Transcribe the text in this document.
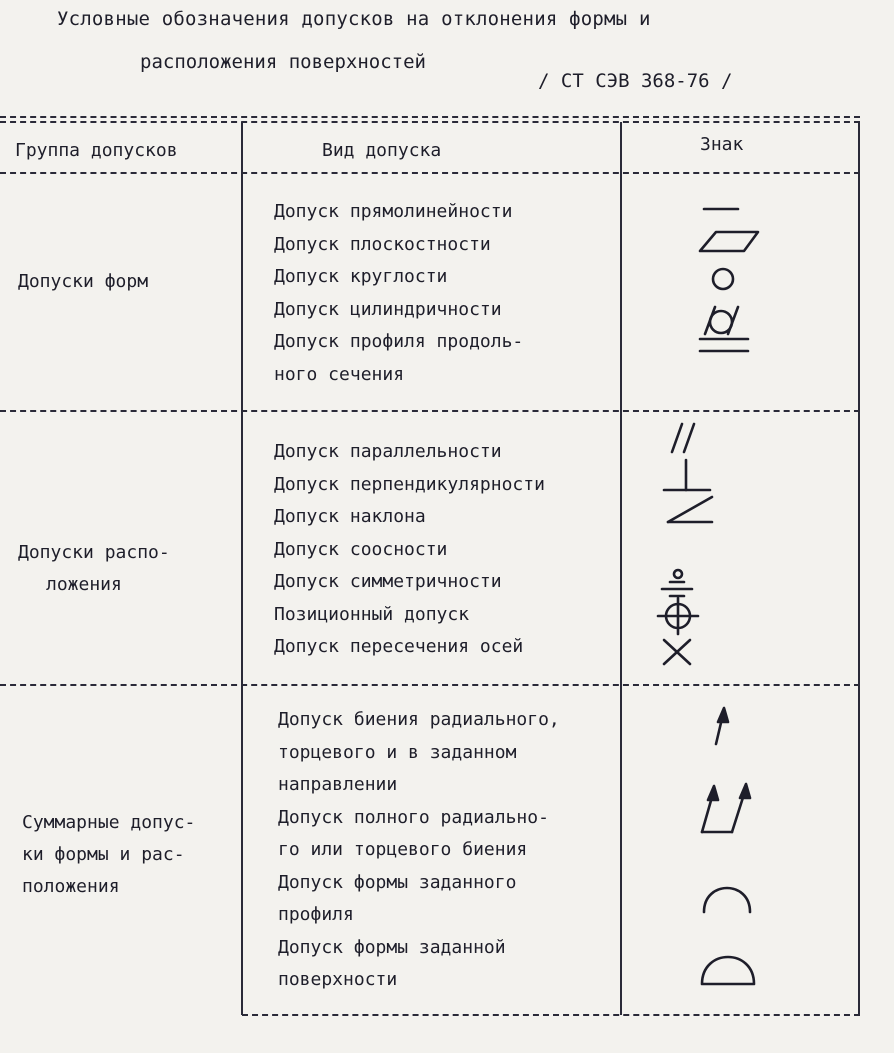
Условные обозначения допусков на отклонения формы и
расположения поверхностей
/ СТ СЭВ 368-76 /
Группа допусков	Вид допуска	Знак
Допуски форм
Допуски распо-
ложения
Суммарные допус-
ки формы и рас-
положения
Допуск прямолинейности
Допуск плоскостности
Допуск круглости
Допуск цилиндричности
Допуск профиля продоль-
ного сечения
Допуск параллельности
Допуск перпендикулярности
Допуск наклона
Допуск соосности
Допуск симметричности
Позиционный допуск
Допуск пересечения осей
Допуск биения радиального,
торцевого и в заданном
направлении
Допуск полного радиально-
го или торцевого биения
Допуск формы заданного
профиля
Допуск формы заданной
поверхности
